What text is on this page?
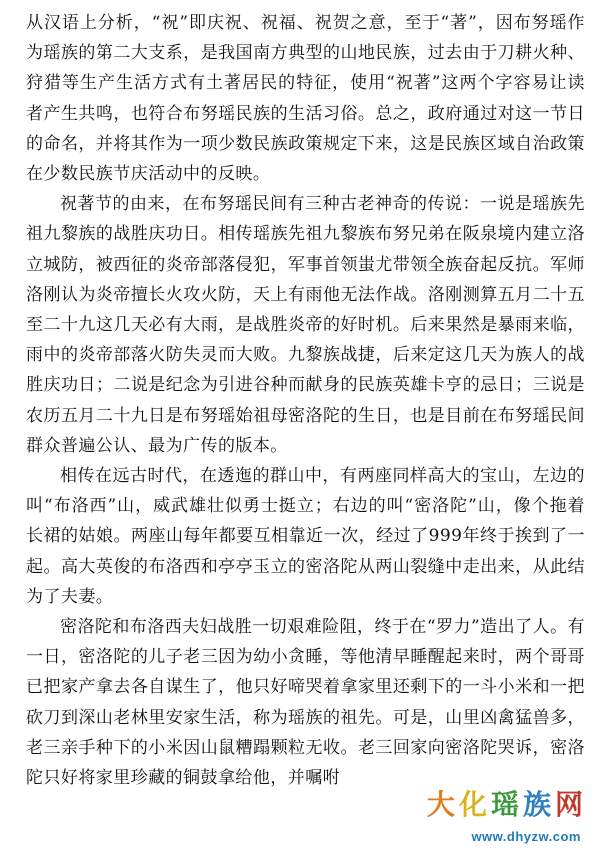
从汉语上分析，“祝”即庆祝、祝福、祝贺之意，至于“著”，因布努瑶作为瑶族的第二大支系，是我国南方典型的山地民族，过去由于刀耕火种、狩猎等生产生活方式有土著居民的特征，使用“祝著”这两个字容易让读者产生共鸣，也符合布努瑶民族的生活习俗。总之，政府通过对这一节日的命名，并将其作为一项少数民族政策规定下来，这是民族区域自治政策在少数民族节庆活动中的反映。

祝著节的由来，在布努瑶民间有三种古老神奇的传说：一说是瑶族先祖九黎族的战胜庆功日。相传瑶族先祖九黎族布努兄弟在阪泉境内建立洛立城防，被西征的炎帝部落侵犯，军事首领蚩尤带领全族奋起反抗。军师洛刚认为炎帝擅长火攻火防，天上有雨他无法作战。洛刚测算五月二十五至二十九这几天必有大雨，是战胜炎帝的好时机。后来果然是暴雨来临，雨中的炎帝部落火防失灵而大败。九黎族战捷，后来定这几天为族人的战胜庆功日；二说是纪念为引进谷种而献身的民族英雄卡亨的忌日；三说是农历五月二十九日是布努瑶始祖母密洛陀的生日，也是目前在布努瑶民间群众普遍公认、最为广传的版本。

相传在远古时代，在透迤的群山中，有两座同样高大的宝山，左边的叫“布洛西”山，威武雄壮似勇士挺立；右边的叫“密洛陀”山，像个拖着长裙的姑娘。两座山每年都要互相靠近一次，经过了999年终于挨到了一起。高大英俊的布洛西和亭亭玉立的密洛陀从两山裂缝中走出来，从此结为了夫妻。

密洛陀和布洛西夫妇战胜一切艰难险阻，终于在“罗力”造出了人。有一日，密洛陀的儿子老三因为幼小贪睡，等他清早睡醒起来时，两个哥哥已把家产拿去各自谋生了，他只好啼哭着拿家里还剩下的一斗小米和一把砍刀到深山老林里安家生活，称为瑶族的祖先。可是，山里凶禽猛兽多，老三亲手种下的小米因山鼠糟蹋颗粒无收。老三回家向密洛陀哭诉，密洛陀只好将家里珍藏的铜鼓拿给他，并嘱咐

大 化 瑶 族 网
www.dhyzw.com
